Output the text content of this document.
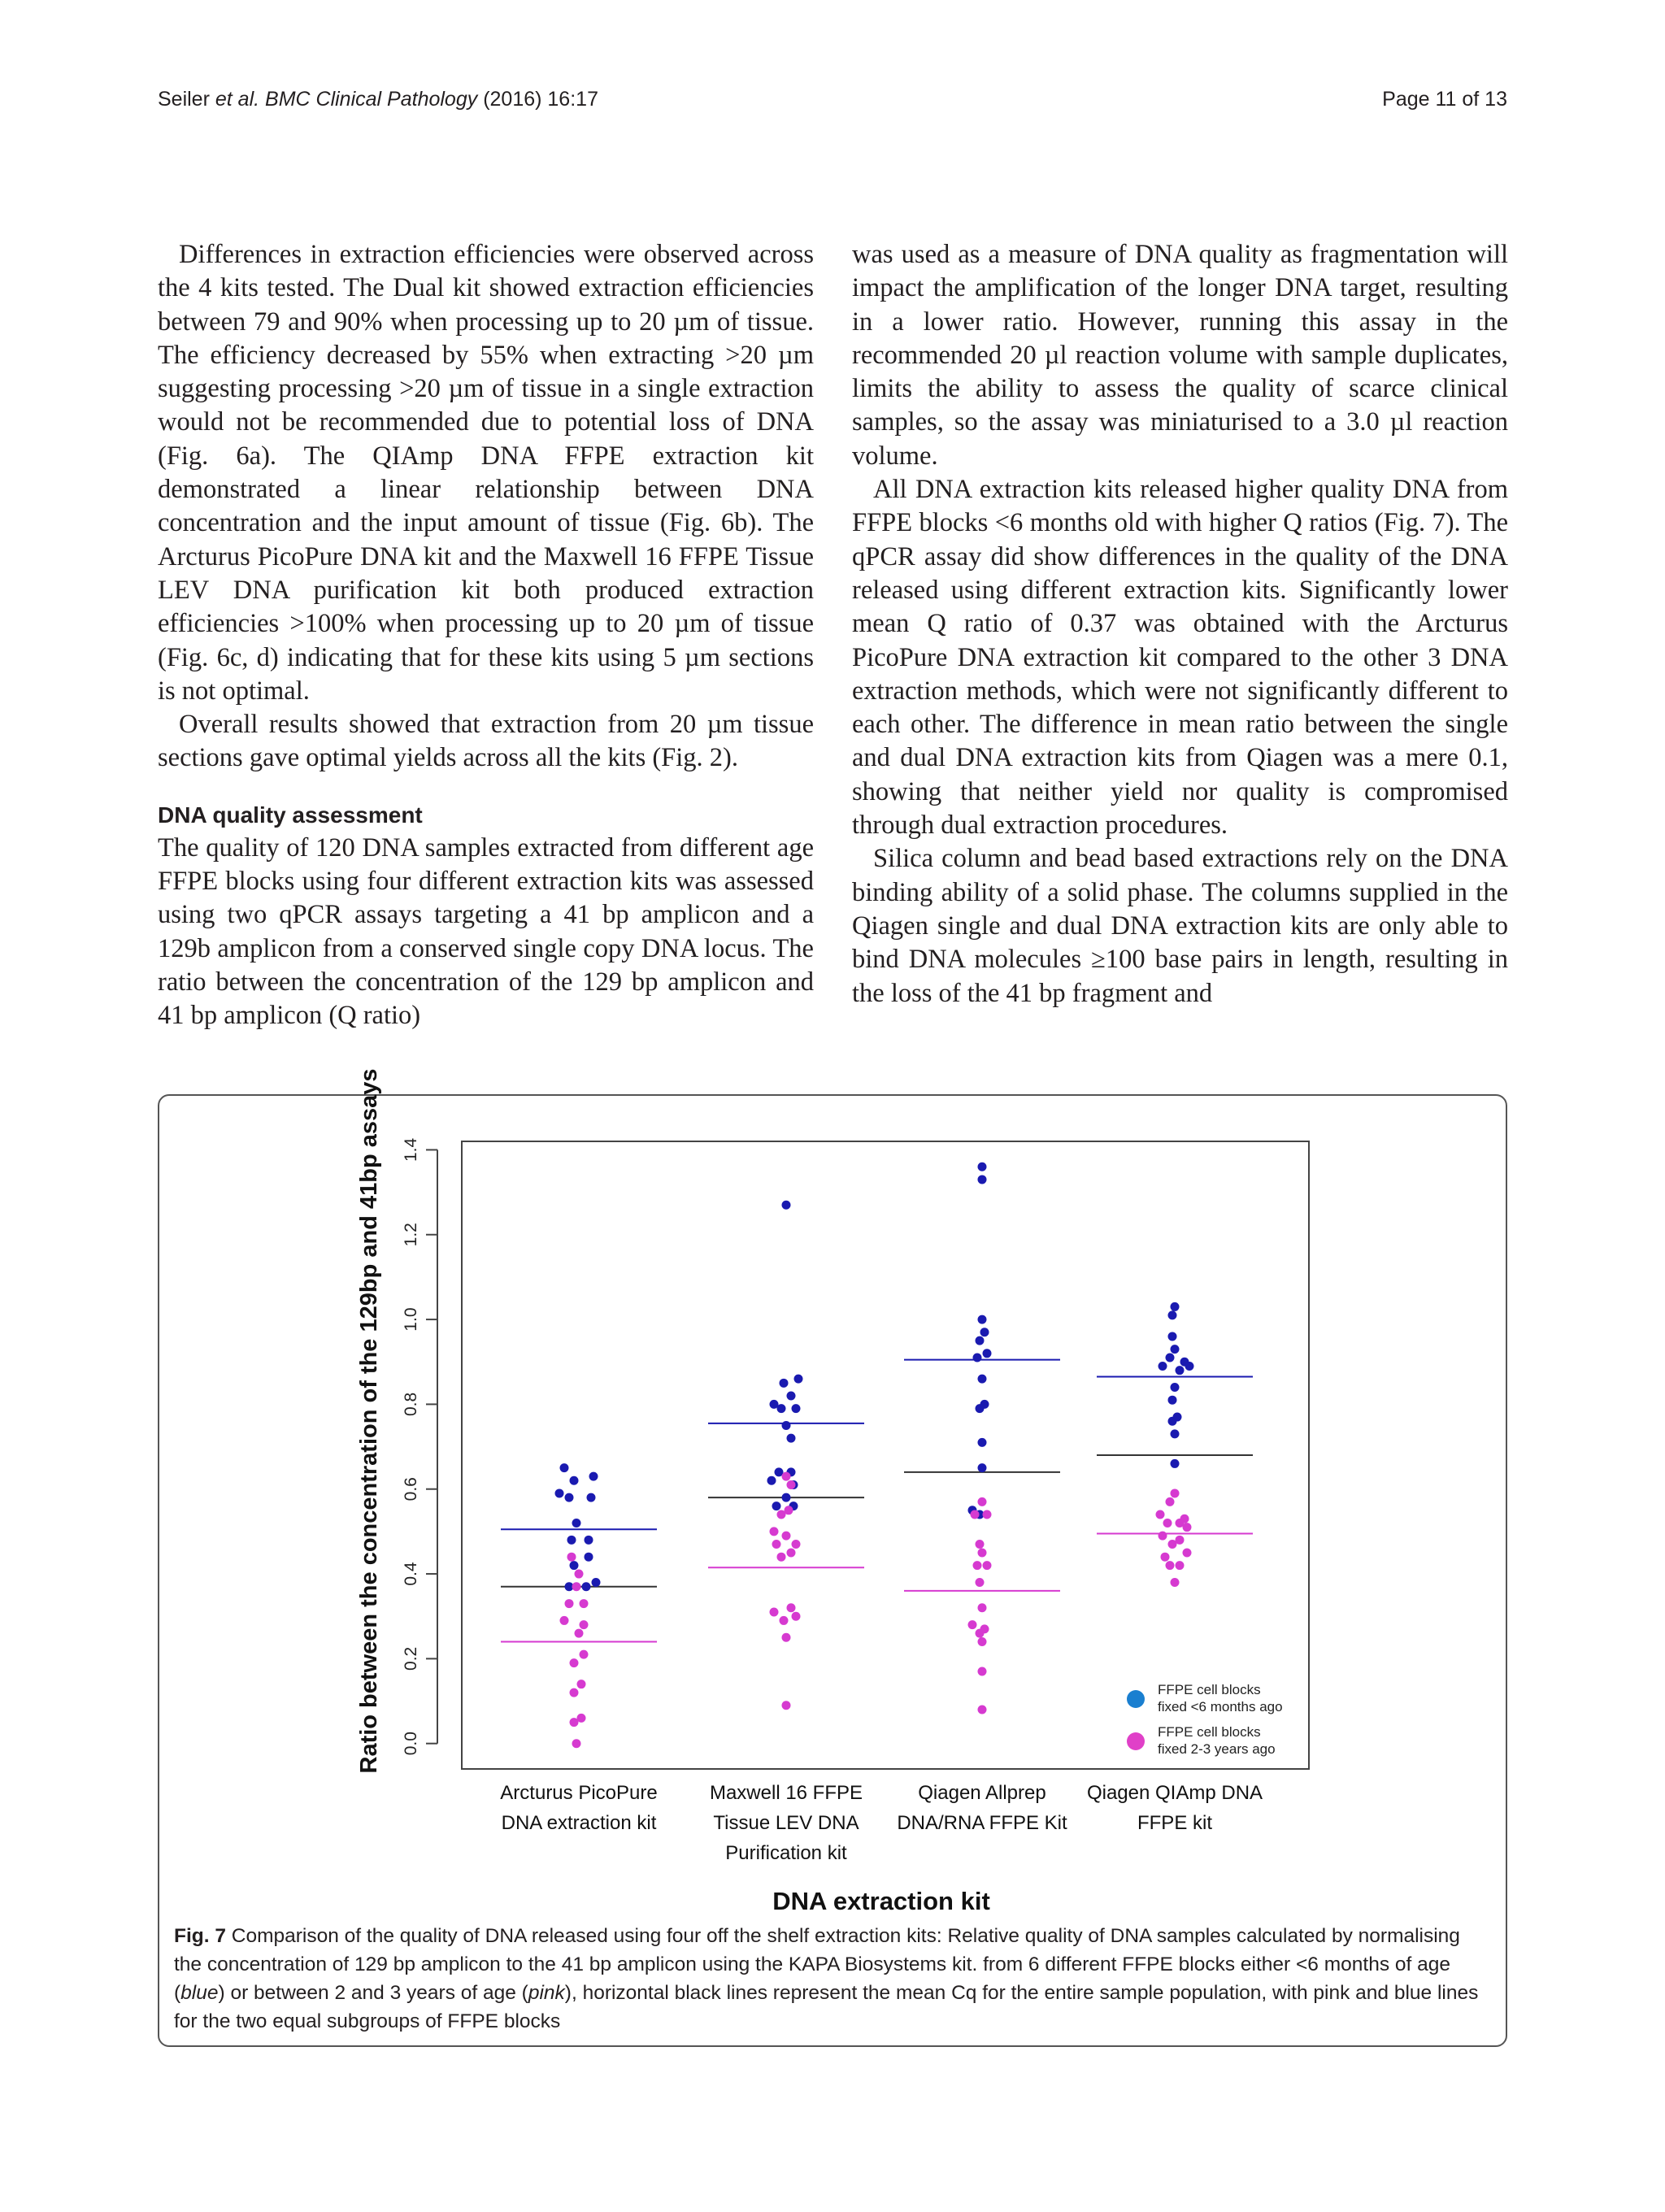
Seiler et al. BMC Clinical Pathology (2016) 16:17	Page 11 of 13

Differences in extraction efficiencies were observed across the 4 kits tested. The Dual kit showed extraction efficiencies between 79 and 90% when processing up to 20 µm of tissue. The efficiency decreased by 55% when extracting >20 µm suggesting processing >20 µm of tissue in a single extraction would not be recommended due to potential loss of DNA (Fig. 6a). The QIAmp DNA FFPE extraction kit demonstrated a linear relationship between DNA concentration and the input amount of tissue (Fig. 6b). The Arcturus PicoPure DNA kit and the Maxwell 16 FFPE Tissue LEV DNA purification kit both produced extraction efficiencies >100% when processing up to 20 µm of tissue (Fig. 6c, d) indicating that for these kits using 5 µm sections is not optimal.

Overall results showed that extraction from 20 µm tissue sections gave optimal yields across all the kits (Fig. 2).

DNA quality assessment

The quality of 120 DNA samples extracted from different age FFPE blocks using four different extraction kits was assessed using two qPCR assays targeting a 41 bp amplicon and a 129b amplicon from a conserved single copy DNA locus. The ratio between the concentration of the 129 bp amplicon and 41 bp amplicon (Q ratio)

was used as a measure of DNA quality as fragmentation will impact the amplification of the longer DNA target, resulting in a lower ratio. However, running this assay in the recommended 20 µl reaction volume with sample duplicates, limits the ability to assess the quality of scarce clinical samples, so the assay was miniaturised to a 3.0 µl reaction volume.

All DNA extraction kits released higher quality DNA from FFPE blocks <6 months old with higher Q ratios (Fig. 7). The qPCR assay did show differences in the quality of the DNA released using different extraction kits. Significantly lower mean Q ratio of 0.37 was obtained with the Arcturus PicoPure DNA extraction kit compared to the other 3 DNA extraction methods, which were not significantly different to each other. The difference in mean ratio between the single and dual DNA extraction kits from Qiagen was a mere 0.1, showing that neither yield nor quality is compromised through dual extraction procedures.

Silica column and bead based extractions rely on the DNA binding ability of a solid phase. The columns supplied in the Qiagen single and dual DNA extraction kits are only able to bind DNA molecules ≥100 base pairs in length, resulting in the loss of the 41 bp fragment and

0.0
0.2
0.4
0.6
0.8
1.0
1.2
1.4
Arcturus PicoPure
DNA extraction kit
Maxwell 16 FFPE
Tissue LEV DNA
Purification kit
Qiagen Allprep
DNA/RNA FFPE Kit
Qiagen QIAmp DNA
FFPE kit
Ratio between the concentration of the 129bp and 41bp assays
DNA extraction kit
FFPE cell blocks
fixed <6 months ago
FFPE cell blocks
fixed 2-3 years ago
Fig. 7 Comparison of the quality of DNA released using four off the shelf extraction kits: Relative quality of DNA samples calculated by normalising the concentration of 129 bp amplicon to the 41 bp amplicon using the KAPA Biosystems kit. from 6 different FFPE blocks either <6 months of age (blue) or between 2 and 3 years of age (pink), horizontal black lines represent the mean Cq for the entire sample population, with pink and blue lines for the two equal subgroups of FFPE blocks
